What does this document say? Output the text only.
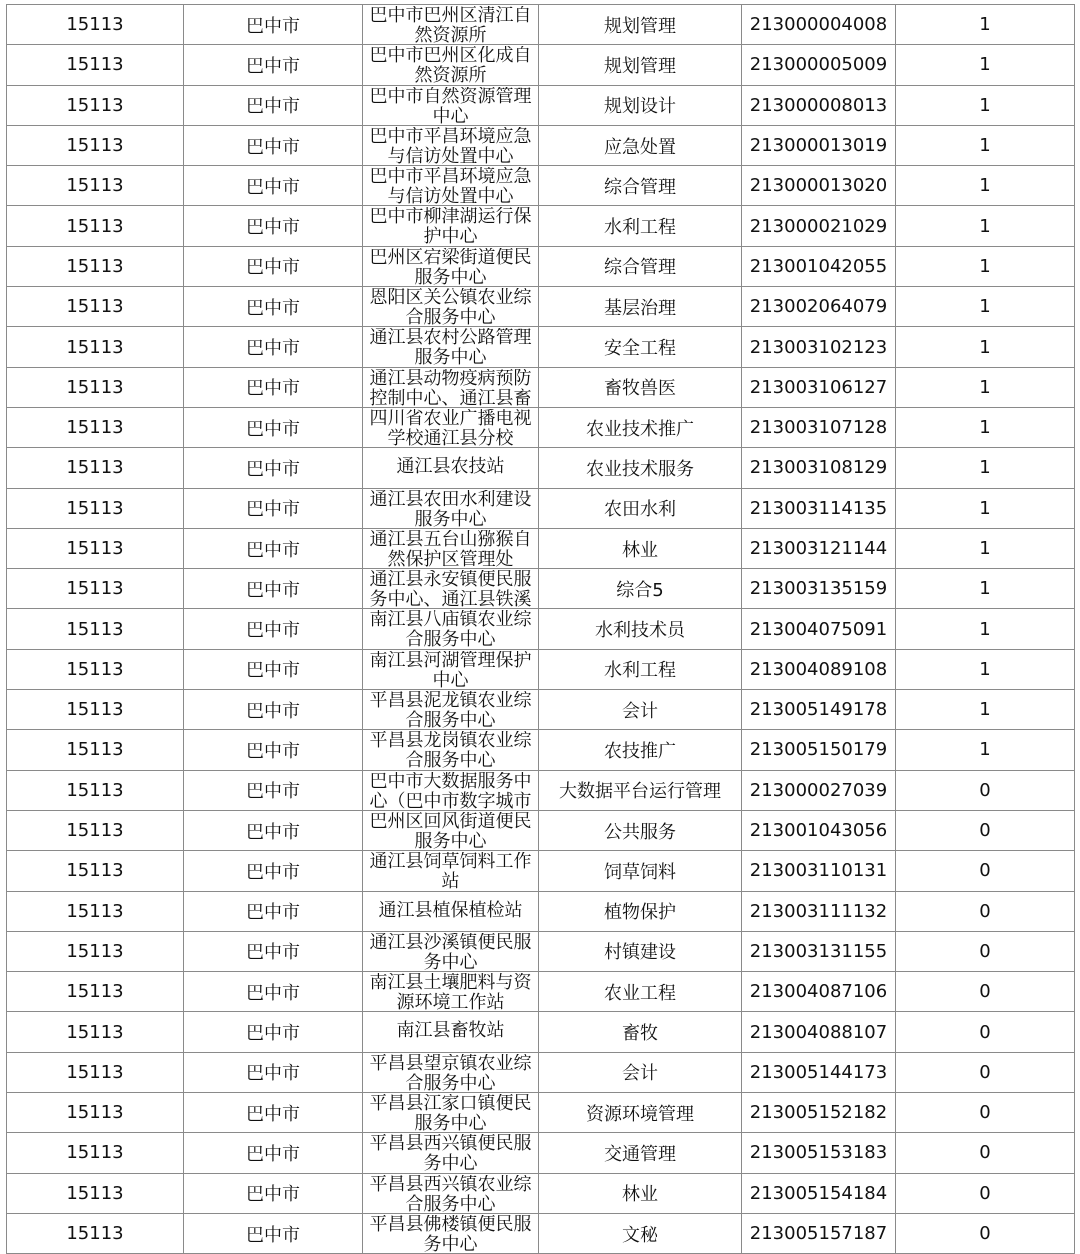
15113	巴中市	巴中市巴州区清江自然资源所	规划管理	213000004008	1
15113	巴中市	巴中市巴州区化成自然资源所	规划管理	213000005009	1
15113	巴中市	巴中市自然资源管理中心	规划设计	213000008013	1
15113	巴中市	巴中市平昌环境应急与信访处置中心	应急处置	213000013019	1
15113	巴中市	巴中市平昌环境应急与信访处置中心	综合管理	213000013020	1
15113	巴中市	巴中市柳津湖运行保护中心	水利工程	213000021029	1
15113	巴中市	巴州区宕梁街道便民服务中心	综合管理	213001042055	1
15113	巴中市	恩阳区关公镇农业综合服务中心	基层治理	213002064079	1
15113	巴中市	通江县农村公路管理服务中心	安全工程	213003102123	1
15113	巴中市	通江县动物疫病预防控制中心、通江县畜	畜牧兽医	213003106127	1
15113	巴中市	四川省农业广播电视学校通江县分校	农业技术推广	213003107128	1
15113	巴中市	通江县农技站	农业技术服务	213003108129	1
15113	巴中市	通江县农田水利建设服务中心	农田水利	213003114135	1
15113	巴中市	通江县五台山猕猴自然保护区管理处	林业	213003121144	1
15113	巴中市	通江县永安镇便民服务中心、通江县铁溪	综合5	213003135159	1
15113	巴中市	南江县八庙镇农业综合服务中心	水利技术员	213004075091	1
15113	巴中市	南江县河湖管理保护中心	水利工程	213004089108	1
15113	巴中市	平昌县泥龙镇农业综合服务中心	会计	213005149178	1
15113	巴中市	平昌县龙岗镇农业综合服务中心	农技推广	213005150179	1
15113	巴中市	巴中市大数据服务中心（巴中市数字城市	大数据平台运行管理	213000027039	0
15113	巴中市	巴州区回风街道便民服务中心	公共服务	213001043056	0
15113	巴中市	通江县饲草饲料工作站	饲草饲料	213003110131	0
15113	巴中市	通江县植保植检站	植物保护	213003111132	0
15113	巴中市	通江县沙溪镇便民服务中心	村镇建设	213003131155	0
15113	巴中市	南江县土壤肥料与资源环境工作站	农业工程	213004087106	0
15113	巴中市	南江县畜牧站	畜牧	213004088107	0
15113	巴中市	平昌县望京镇农业综合服务中心	会计	213005144173	0
15113	巴中市	平昌县江家口镇便民服务中心	资源环境管理	213005152182	0
15113	巴中市	平昌县西兴镇便民服务中心	交通管理	213005153183	0
15113	巴中市	平昌县西兴镇农业综合服务中心	林业	213005154184	0
15113	巴中市	平昌县佛楼镇便民服务中心	文秘	213005157187	0
